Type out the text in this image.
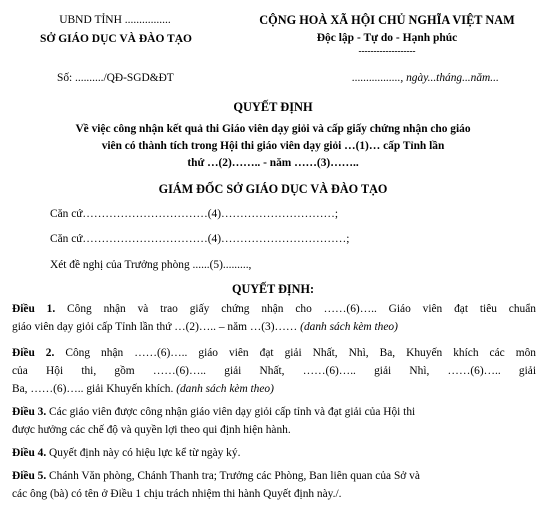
UBND TỈNH ................
SỞ GIÁO DỤC VÀ ĐÀO TẠO
CỘNG HOÀ XÃ HỘI CHỦ NGHĨA VIỆT NAM
Độc lập - Tự do - Hạnh phúc
-------------------
Số: ........../QĐ-SGD&ĐT	................., ngày...tháng...năm...
QUYẾT ĐỊNH
Về việc công nhận kết quả thi Giáo viên dạy giỏi và cấp giấy chứng nhận cho giáo
viên có thành tích trong Hội thi giáo viên dạy giỏi …(1)… cấp Tỉnh lần
thứ …(2)…….. - năm ……(3)……..
GIÁM ĐỐC SỞ GIÁO DỤC VÀ ĐÀO TẠO
Căn cứ……………………………(4)…………………………;
Căn cứ……………………………(4)……………………………;
Xét đề nghị của Trưởng phòng ......(5).........,
QUYẾT ĐỊNH:
Điều 1. Công nhận và trao giấy chứng nhận cho ……(6)….. Giáo viên đạt tiêu chuẩn
giáo viên dạy giỏi cấp Tỉnh lần thứ …(2)….. – năm …(3)…… (danh sách kèm theo)
Điều 2. Công nhận ……(6)….. giáo viên đạt giải Nhất, Nhì, Ba, Khuyến khích các môn
của Hội thi, gồm ……(6)….. giải Nhất, ……(6)….. giải Nhì, ……(6)….. giải
Ba, ……(6)….. giải Khuyến khích. (danh sách kèm theo)
Điều 3. Các giáo viên được công nhận giáo viên dạy giỏi cấp tỉnh và đạt giải của Hội thi
được hưởng các chế độ và quyền lợi theo qui định hiện hành.
Điều 4. Quyết định này có hiệu lực kể từ ngày ký.
Điều 5. Chánh Văn phòng, Chánh Thanh tra; Trưởng các Phòng, Ban liên quan của Sở và
các ông (bà) có tên ở Điều 1 chịu trách nhiệm thi hành Quyết định này./.
